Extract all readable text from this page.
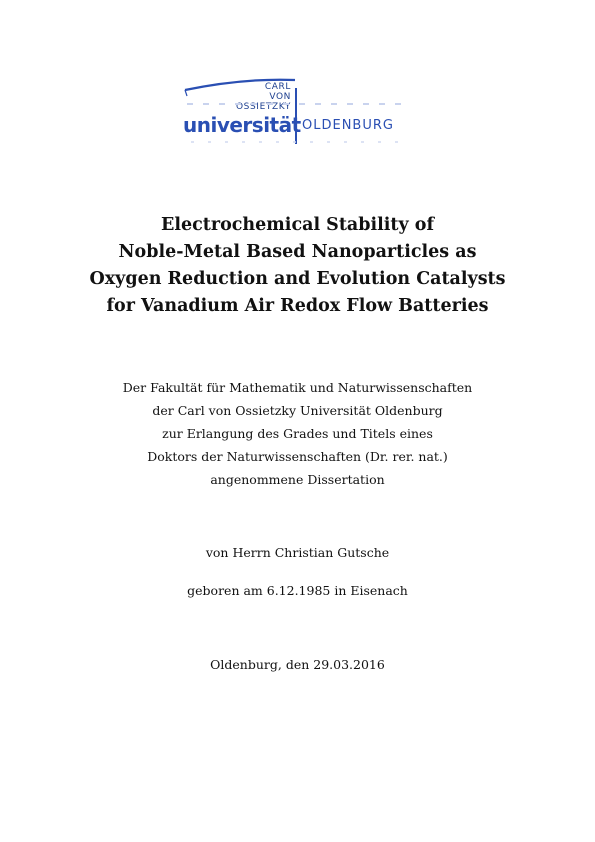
CARL
VON
OSSIETZKY
universität OLDENBURG
Electrochemical Stability of
Noble-Metal Based Nanoparticles as
Oxygen Reduction and Evolution Catalysts
for Vanadium Air Redox Flow Batteries
Der Fakultät für Mathematik und Naturwissenschaften
der Carl von Ossietzky Universität Oldenburg
zur Erlangung des Grades und Titels eines
Doktors der Naturwissenschaften (Dr. rer. nat.)
angenommene Dissertation
von Herrn Christian Gutsche
geboren am 6.12.1985 in Eisenach
Oldenburg, den 29.03.2016
